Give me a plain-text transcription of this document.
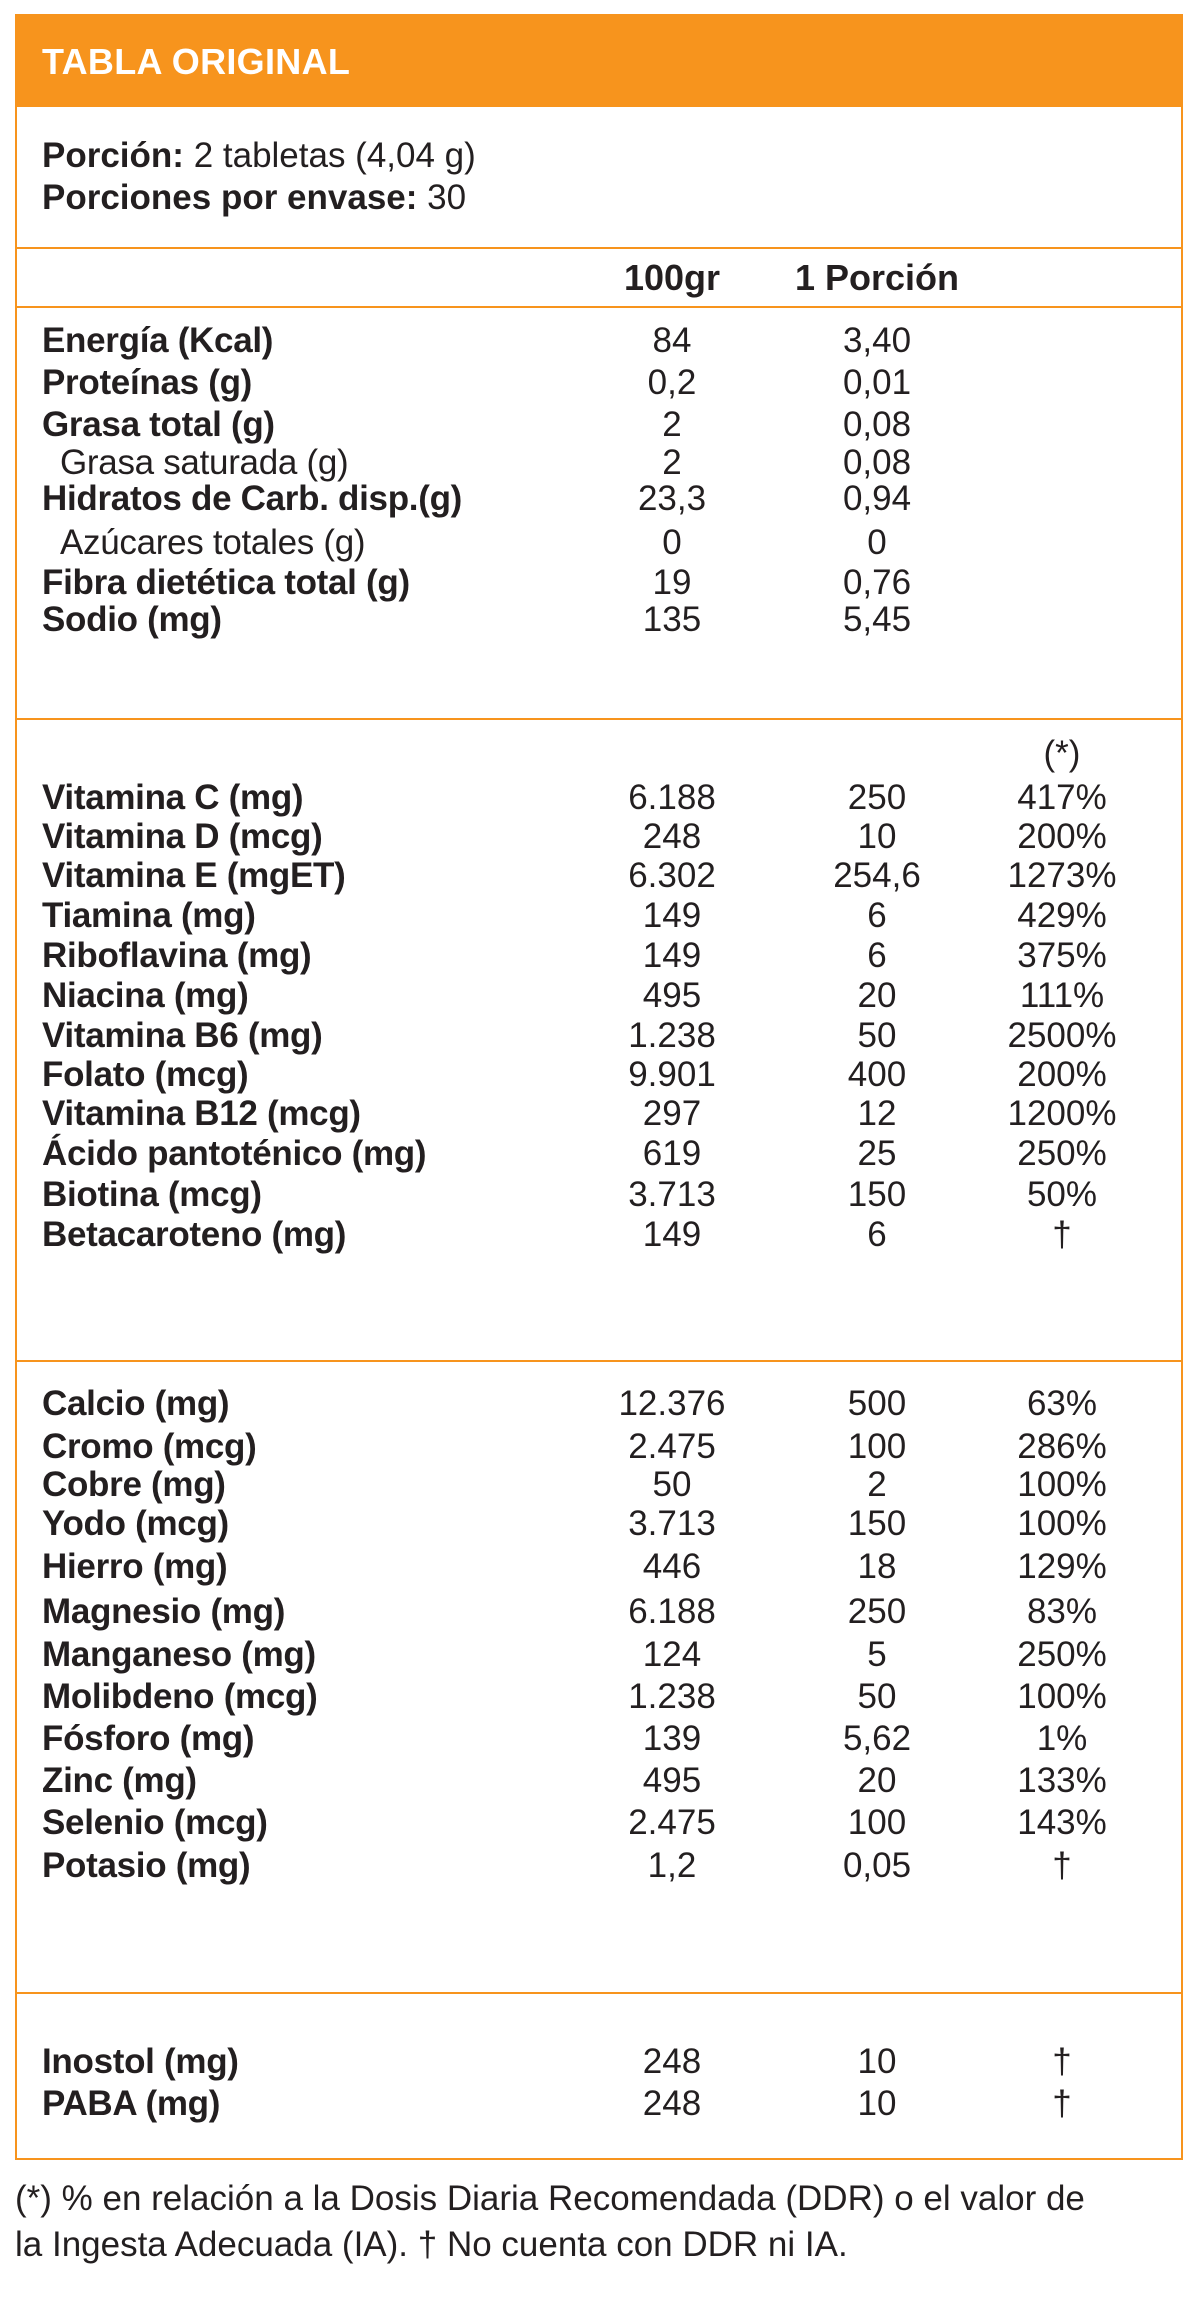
TABLA ORIGINAL
Porción: 2 tabletas (4,04 g)
Porciones por envase: 30
100gr	1 Porción
Energía (Kcal)	84	3,40
Proteínas (g)	0,2	0,01
Grasa total (g)	2	0,08
Grasa saturada (g)	2	0,08
Hidratos de Carb. disp.(g)	23,3	0,94
Azúcares totales (g)	0	0
Fibra dietética total (g)	19	0,76
Sodio (mg)	135	5,45
(*)
Vitamina C (mg)	6.188	250	417%
Vitamina D (mcg)	248	10	200%
Vitamina E (mgET)	6.302	254,6	1273%
Tiamina (mg)	149	6	429%
Riboflavina (mg)	149	6	375%
Niacina (mg)	495	20	111%
Vitamina B6 (mg)	1.238	50	2500%
Folato (mcg)	9.901	400	200%
Vitamina B12 (mcg)	297	12	1200%
Ácido pantoténico (mg)	619	25	250%
Biotina (mcg)	3.713	150	50%
Betacaroteno (mg)	149	6	†
Calcio (mg)	12.376	500	63%
Cromo (mcg)	2.475	100	286%
Cobre (mg)	50	2	100%
Yodo (mcg)	3.713	150	100%
Hierro (mg)	446	18	129%
Magnesio (mg)	6.188	250	83%
Manganeso (mg)	124	5	250%
Molibdeno (mcg)	1.238	50	100%
Fósforo (mg)	139	5,62	1%
Zinc (mg)	495	20	133%
Selenio (mcg)	2.475	100	143%
Potasio (mg)	1,2	0,05	†
Inostol (mg)	248	10	†
PABA (mg)	248	10	†
(*) % en relación a la Dosis Diaria Recomendada (DDR) o el valor de
la Ingesta Adecuada (IA). † No cuenta con DDR ni IA.
